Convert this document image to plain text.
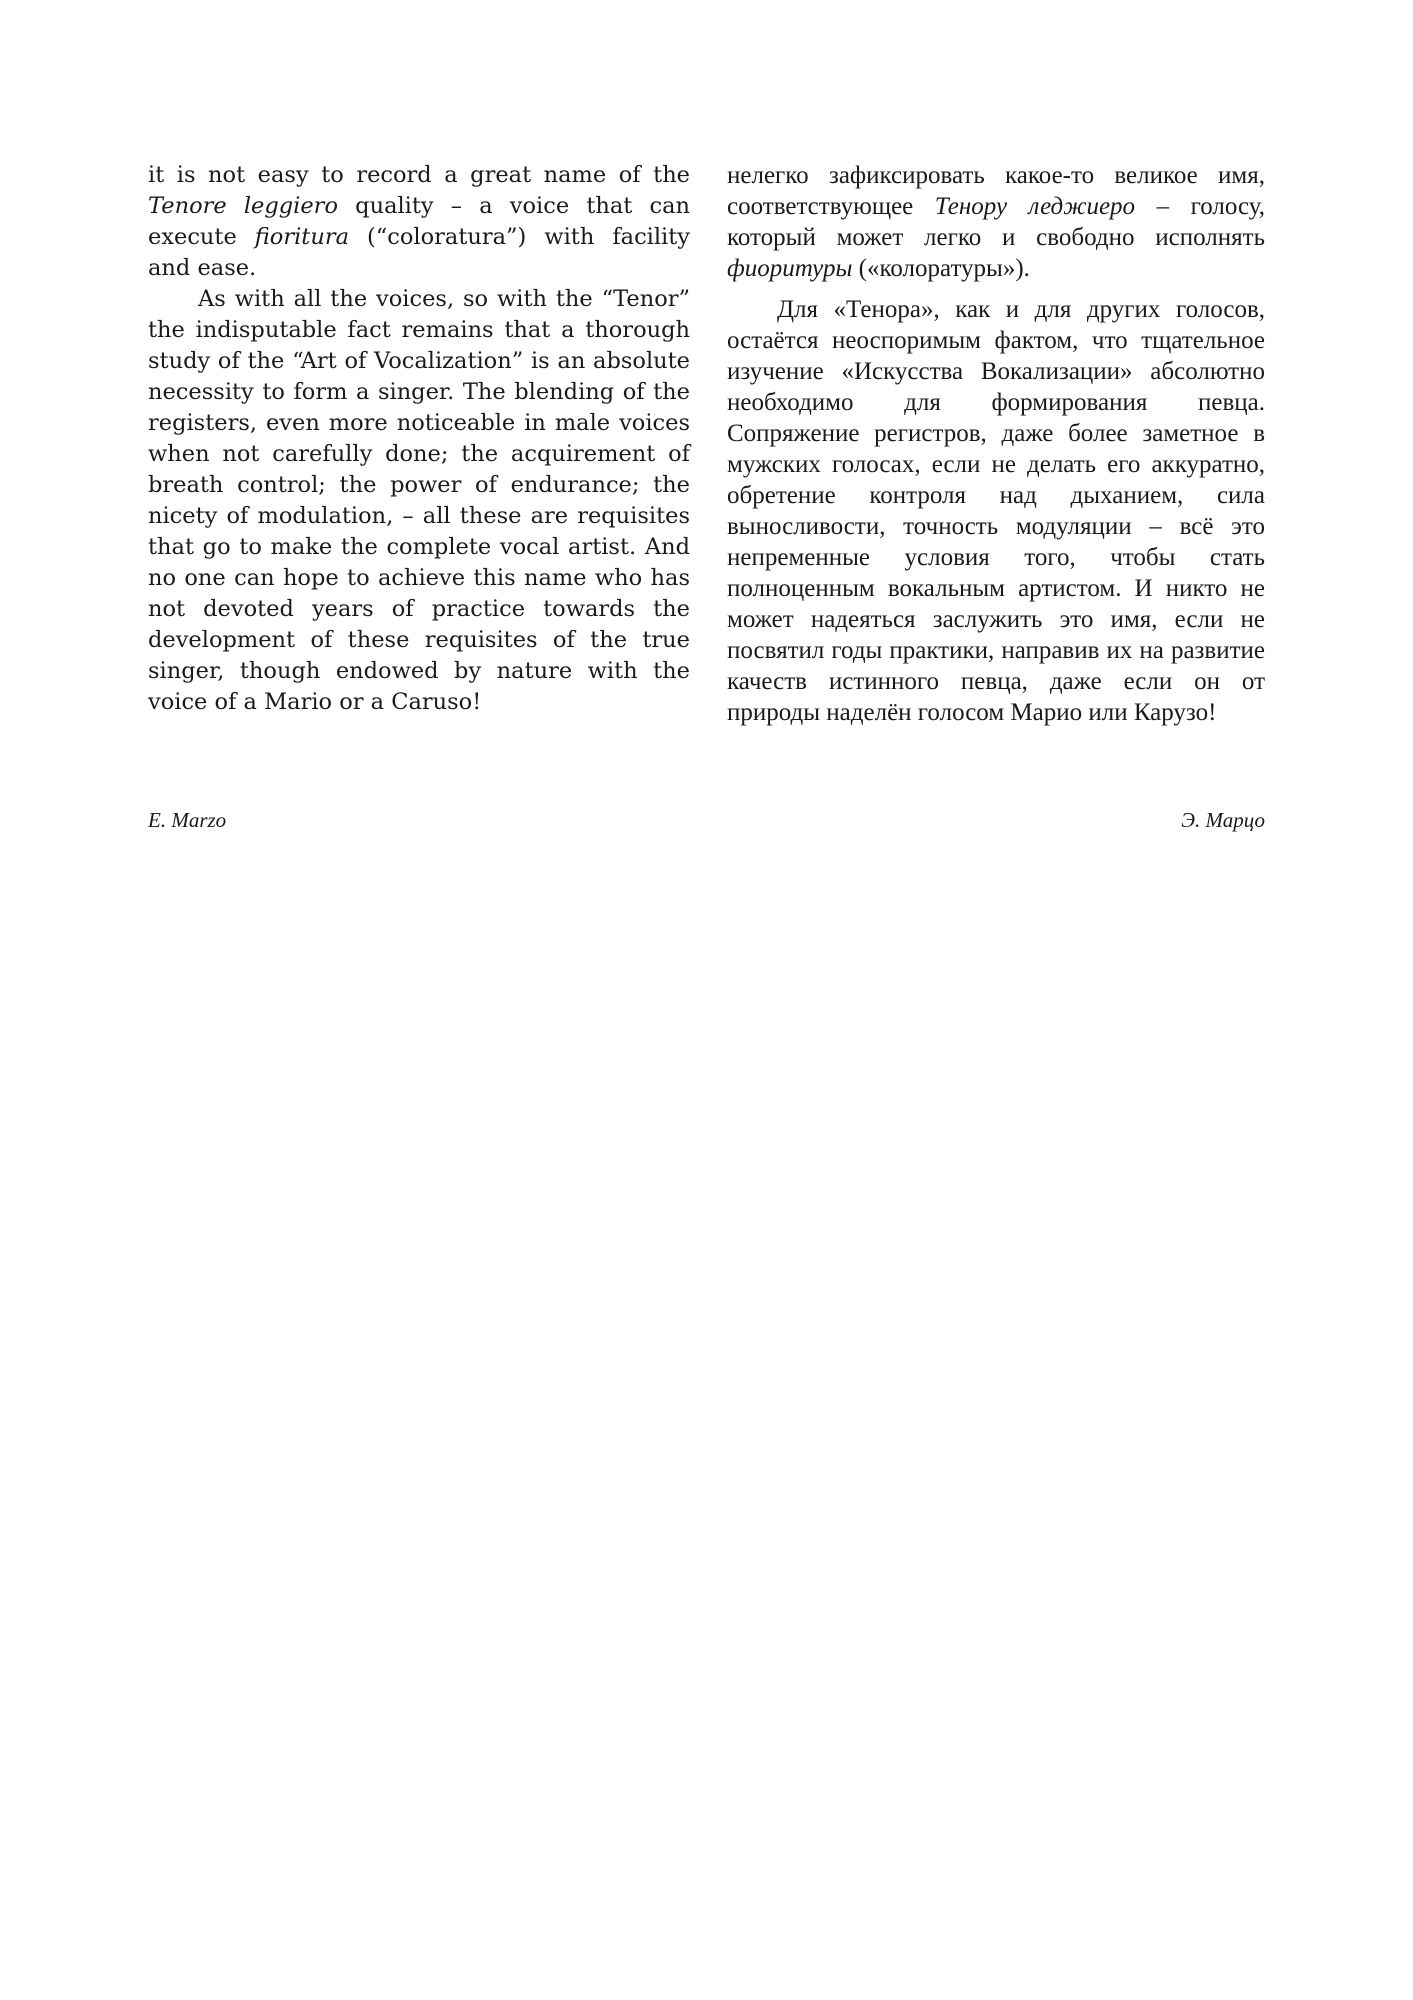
it is not easy to record a great name of the Tenore leggiero quality – a voice that can execute fioritura (“coloratura”) with facility and ease.

As with all the voices, so with the “Tenor” the indisputable fact remains that a thorough study of the “Art of Vocalization” is an absolute necessity to form a singer. The blending of the registers, even more noticeable in male voices when not carefully done; the acquirement of breath control; the power of endurance; the nicety of modulation, – all these are requisites that go to make the complete vocal artist. And no one can hope to achieve this name who has not devoted years of practice towards the development of these requisites of the true singer, though endowed by nature with the voice of a Mario or a Caruso!

нелегко зафиксировать какое-то великое имя, соответствующее Тенору леджиеро – голосу, который может легко и свободно исполнять фиоритуры («колоратуры»).

Для «Тенора», как и для других голосов, остаётся неоспоримым фактом, что тщательное изучение «Искусства Вокализации» абсолютно необходимо для формирования певца. Сопряжение регистров, даже более заметное в мужских голосах, если не делать его аккуратно, обретение контроля над дыханием, сила выносливости, точность модуляции – всё это непременные условия того, чтобы стать полноценным вокальным артистом. И никто не может надеяться заслужить это имя, если не посвятил годы практики, направив их на развитие качеств истинного певца, даже если он от природы наделён голосом Марио или Карузо!

E. Marzo	Э. Марцо
